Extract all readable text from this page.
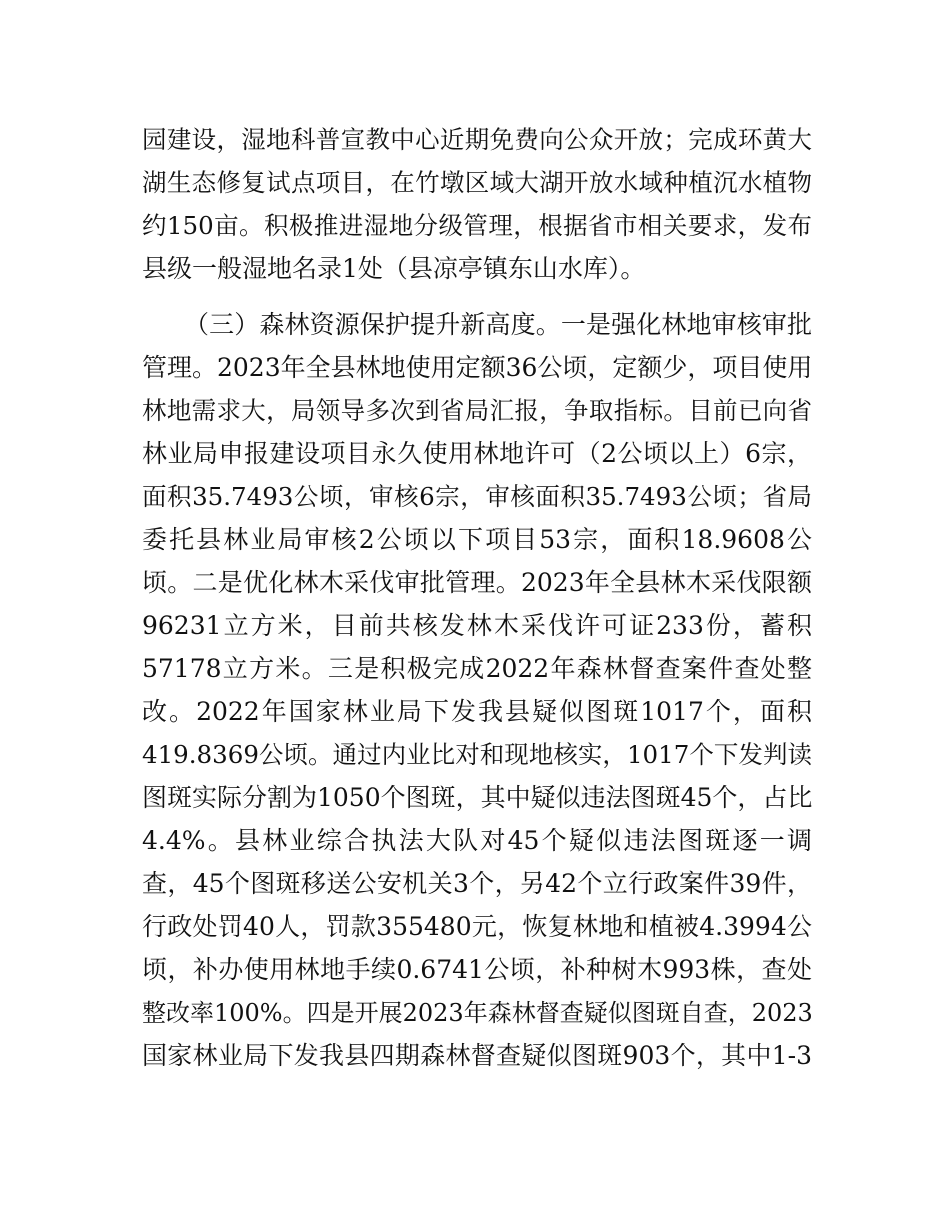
园建设，湿地科普宣教中心近期免费向公众开放；完成环黄大
湖生态修复试点项目，在竹墩区域大湖开放水域种植沉水植物
约150亩。积极推进湿地分级管理，根据省市相关要求，发布
县级一般湿地名录1处（县凉亭镇东山水库）。
（三）森林资源保护提升新高度。一是强化林地审核审批
管理。2023年全县林地使用定额36公顷，定额少，项目使用
林地需求大，局领导多次到省局汇报，争取指标。目前已向省
林业局申报建设项目永久使用林地许可（2公顷以上）6宗，
面积35.7493公顷，审核6宗，审核面积35.7493公顷；省局
委托县林业局审核2公顷以下项目53宗，面积18.9608公
顷。二是优化林木采伐审批管理。2023年全县林木采伐限额
96231立方米，目前共核发林木采伐许可证233份，蓄积
57178立方米。三是积极完成2022年森林督查案件查处整
改。2022年国家林业局下发我县疑似图斑1017个，面积
419.8369公顷。通过内业比对和现地核实，1017个下发判读
图斑实际分割为1050个图斑，其中疑似违法图斑45个，占比
4.4%。县林业综合执法大队对45个疑似违法图斑逐一调
查，45个图斑移送公安机关3个，另42个立行政案件39件，
行政处罚40人，罚款355480元，恢复林地和植被4.3994公
顷，补办使用林地手续0.6741公顷，补种树木993株，查处
整改率100%。四是开展2023年森林督查疑似图斑自查，2023
国家林业局下发我县四期森林督查疑似图斑903个，其中1-3
